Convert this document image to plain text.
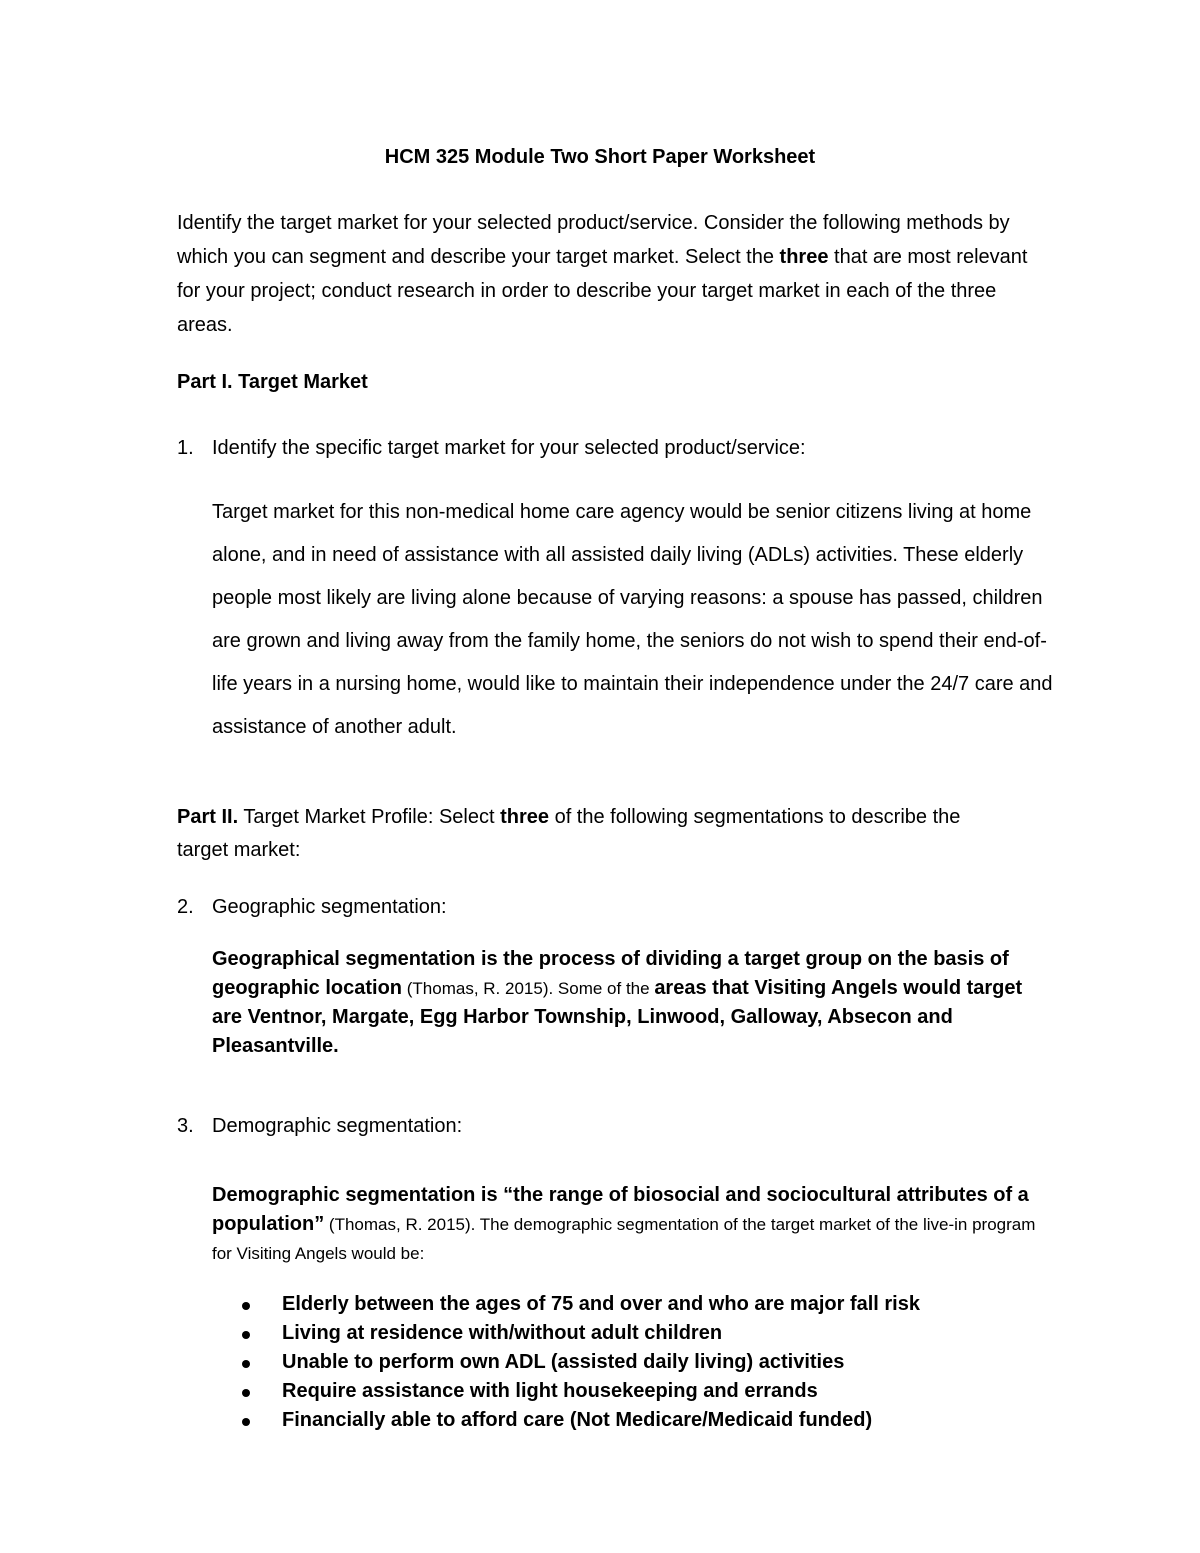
HCM 325 Module Two Short Paper Worksheet

Identify the target market for your selected product/service. Consider the following methods by which you can segment and describe your target market. Select the three that are most relevant for your project; conduct research in order to describe your target market in each of the three areas.

Part I. Target Market
1. Identify the specific target market for your selected product/service:

Target market for this non-medical home care agency would be senior citizens living at home alone, and in need of assistance with all assisted daily living (ADLs) activities. These elderly people most likely are living alone because of varying reasons: a spouse has passed, children are grown and living away from the family home, the seniors do not wish to spend their end-of-life years in a nursing home, would like to maintain their independence under the 24/7 care and assistance of another adult.

Part II. Target Market Profile: Select three of the following segmentations to describe the target market:

2. Geographic segmentation:

Geographical segmentation is the process of dividing a target group on the basis of geographic location (Thomas, R. 2015). Some of the areas that Visiting Angels would target are Ventnor, Margate, Egg Harbor Township, Linwood, Galloway, Absecon and Pleasantville.

3. Demographic segmentation:

Demographic segmentation is “the range of biosocial and sociocultural attributes of a population” (Thomas, R. 2015). The demographic segmentation of the target market of the live-in program for Visiting Angels would be:

Elderly between the ages of 75 and over and who are major fall risk
Living at residence with/without adult children
Unable to perform own ADL (assisted daily living) activities
Require assistance with light housekeeping and errands
Financially able to afford care (Not Medicare/Medicaid funded)
